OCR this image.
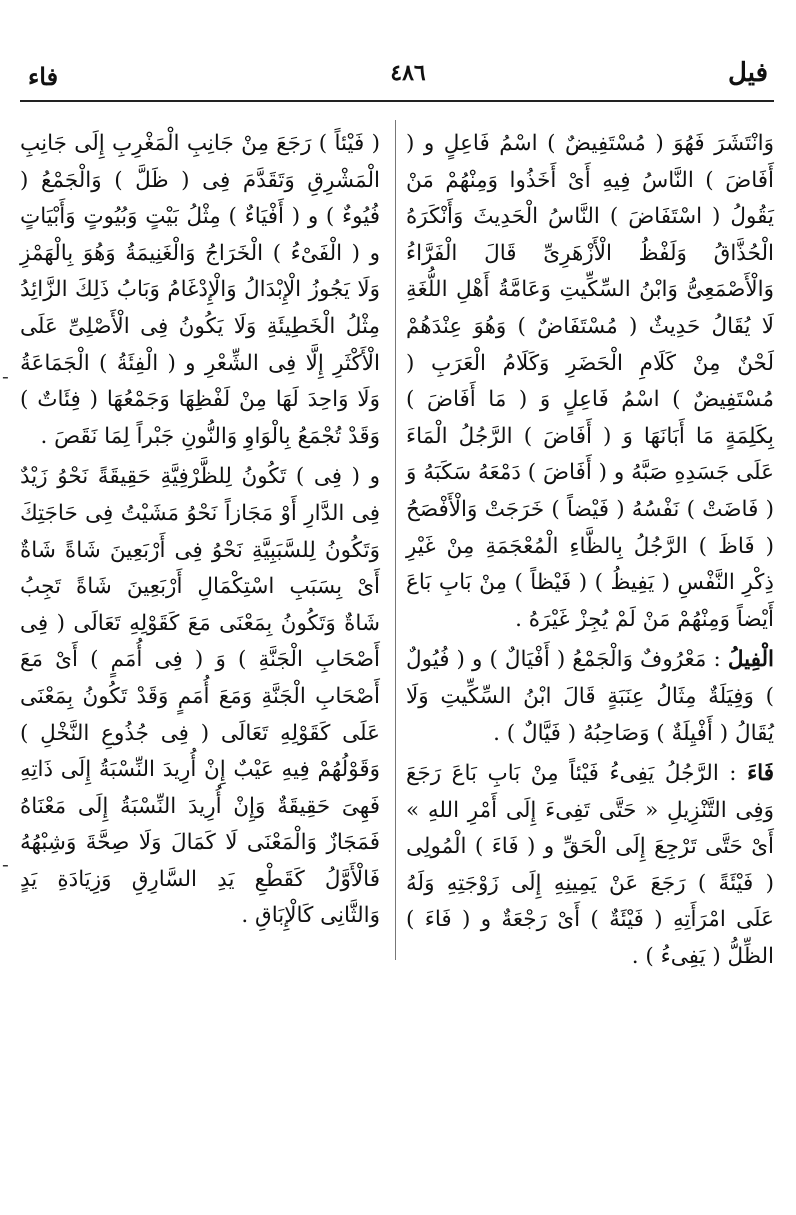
فيل
٤٨٦
فاء

وَانْتَشَرَ فَهُوَ ( مُسْتَفِيضٌ ) اسْمُ فَاعِلٍ و ( أَفَاضَ ) النَّاسُ فِيهِ أَىْ أَخَذُوا وَمِنْهُمْ مَنْ يَقُولُ ( اسْتَفَاضَ ) النَّاسُ الْحَدِيثَ وَأَنْكَرَهُ الْحُذَّاقُ وَلَفْظُ الْأَزْهَرِىِّ قَالَ الْفَرَّاءُ وَالْأَصْمَعِىُّ وَابْنُ السِّكِّيتِ وَعَامَّةُ أَهْلِ اللُّغَةِ لَا يُقَالُ حَدِيثٌ ( مُسْتَفَاضٌ ) وَهُوَ عِنْدَهُمْ لَحْنٌ مِنْ كَلَامِ الْحَضَرِ وَكَلَامُ الْعَرَبِ ( مُسْتَفِيضٌ ) اسْمُ فَاعِلٍ وَ ( مَا أَفَاضَ ) بِكَلِمَةٍ مَا أَبَانَهَا وَ ( أَفَاضَ ) الرَّجُلُ الْمَاءَ عَلَى جَسَدِهِ صَبَّهُ و ( أَفَاضَ ) دَمْعَهُ سَكَبَهُ وَ ( فَاضَتْ ) نَفْسُهُ ( فَيْضاً ) خَرَجَتْ وَالْأَفْصَحُ ( فَاظَ ) الرَّجُلُ بِالظَّاءِ الْمُعْجَمَةِ مِنْ غَيْرِ ذِكْرِ النَّفْسِ ( يَفِيظُ ) ( فَيْظاً ) مِنْ بَابِ بَاعَ أَيْضاً وَمِنْهُمْ مَنْ لَمْ يُجِزْ غَيْرَهُ .

الْفِيلُ : مَعْرُوفٌ وَالْجَمْعُ ( أَفْيَالٌ ) و ( فُيُولٌ ) وَفِيَلَةٌ مِثَالُ عِنَبَةٍ قَالَ ابْنُ السِّكِّيتِ وَلَا يُقَالُ ( أَفْيِلَةٌ ) وَصَاحِبُهُ ( فَيَّالٌ ) .

فَاءَ : الرَّجُلُ يَفِىءُ فَيْئاً مِنْ بَابِ بَاعَ رَجَعَ وَفِى التَّنْزِيلِ « حَتَّى تَفِىءَ إِلَى أَمْرِ اللهِ » أَىْ حَتَّى تَرْجِعَ إِلَى الْحَقِّ و ( فَاءَ ) الْمُولِى ( فَيْئَةً ) رَجَعَ عَنْ يَمِينِهِ إِلَى زَوْجَتِهِ وَلَهُ عَلَى امْرَأَتِهِ ( فَيْئَةٌ ) أَىْ رَجْعَةٌ و ( فَاءَ ) الظِّلُّ ( يَفِىءُ ) .

( فَيْئاً ) رَجَعَ مِنْ جَانِبِ الْمَغْرِبِ إِلَى جَانِبِ الْمَشْرِقِ وَتَقَدَّمَ فِى ( ظَلَّ ) وَالْجَمْعُ ( فُيُوءٌ ) و ( أَفْيَاءٌ ) مِثْلُ بَيْتٍ وَبُيُوتٍ وَأَبْيَاتٍ و ( الْفَىْءُ ) الْخَرَاجُ وَالْغَنِيمَةُ وَهُوَ بِالْهَمْزِ وَلَا يَجُوزُ الْإِبْدَالُ وَالْإِدْغَامُ وَبَابُ ذَلِكَ الزَّائِدُ مِثْلُ الْخَطِيئَةِ وَلَا يَكُونُ فِى الْأَصْلِىِّ عَلَى الْأَكْثَرِ إِلَّا فِى الشِّعْرِ و ( الْفِئَةُ ) الْجَمَاعَةُ وَلَا وَاحِدَ لَهَا مِنْ لَفْظِهَا وَجَمْعُهَا ( فِئَاتٌ ) وَقَدْ تُجْمَعُ بِالْوَاوِ وَالنُّونِ جَبْراً لِمَا نَقَصَ .

و ( فِى ) تَكُونُ لِلظَّرْفِيَّةِ حَقِيقَةً نَحْوُ زَيْدٌ فِى الدَّارِ أَوْ مَجَازاً نَحْوُ مَشَيْتُ فِى حَاجَتِكَ وَتَكُونُ لِلسَّبَبِيَّةِ نَحْوُ فِى أَرْبَعِينَ شَاةً شَاةٌ أَىْ بِسَبَبِ اسْتِكْمَالِ أَرْبَعِينَ شَاةً تَجِبُ شَاةٌ وَتَكُونُ بِمَعْنَى مَعَ كَقَوْلِهِ تَعَالَى ( فِى أَصْحَابِ الْجَنَّةِ ) وَ ( فِى أُمَمٍ ) أَىْ مَعَ أَصْحَابِ الْجَنَّةِ وَمَعَ أُمَمٍ وَقَدْ تَكُونُ بِمَعْنَى عَلَى كَقَوْلِهِ تَعَالَى ( فِى جُذُوعِ النَّخْلِ ) وَقَوْلُهُمْ فِيهِ عَيْبٌ إِنْ أُرِيدَ النِّسْبَةُ إِلَى ذَاتِهِ فَهِىَ حَقِيقَةٌ وَإِنْ أُرِيدَ النِّسْبَةُ إِلَى مَعْنَاهُ فَمَجَازٌ وَالْمَعْنَى لَا كَمَالَ وَلَا صِحَّةَ وَشِبْهُهُ فَالْأَوَّلُ كَقَطْعِ يَدِ السَّارِقِ وَزِيَادَةِ يَدٍ وَالثَّانِى كَالْإِبَاقِ .

-
-
